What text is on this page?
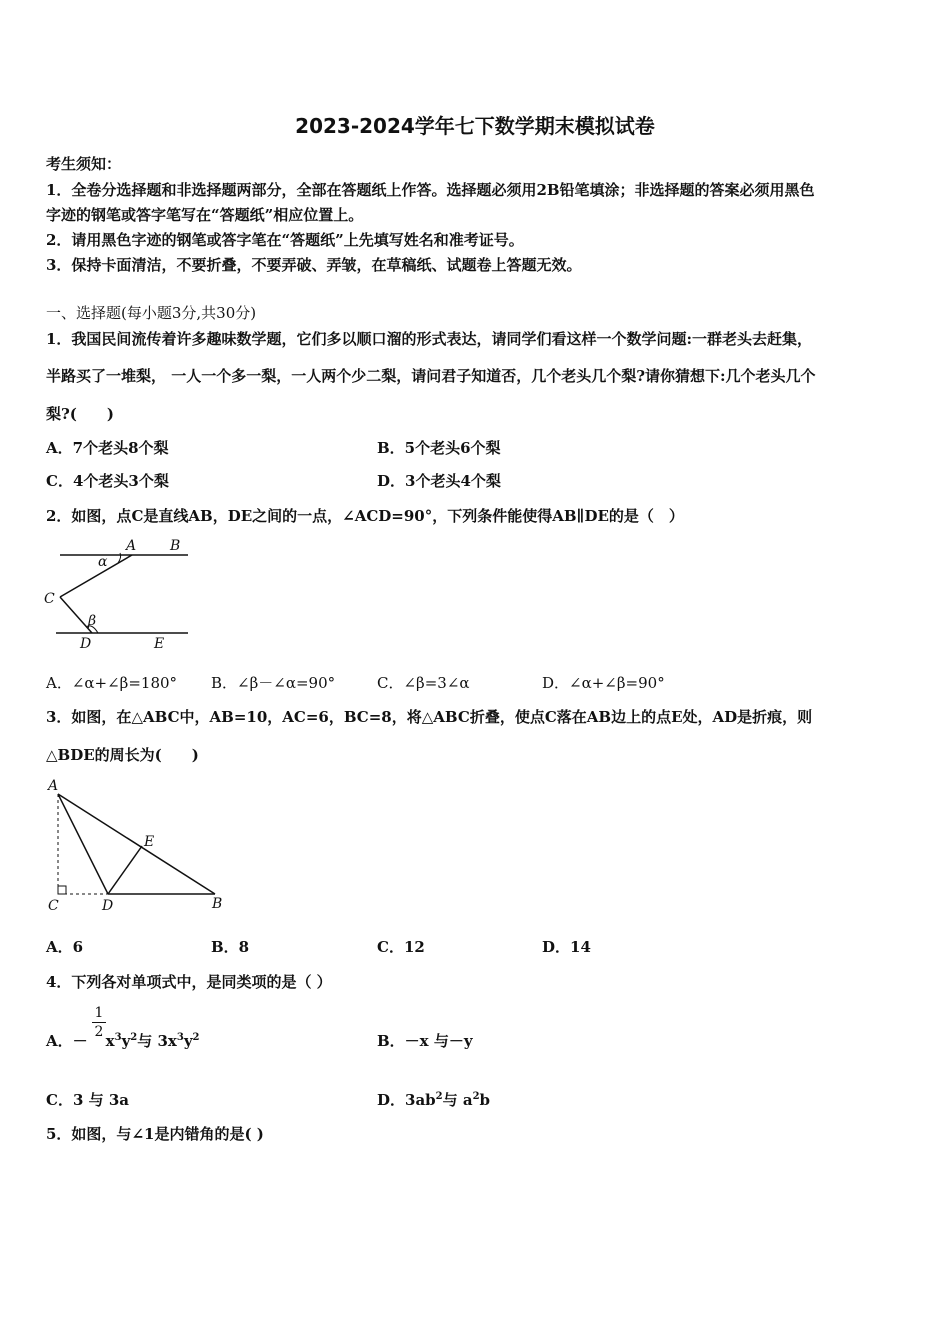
2023-2024学年七下数学期末模拟试卷
考生须知：
1．全卷分选择题和非选择题两部分，全部在答题纸上作答。选择题必须用2B铅笔填涂；非选择题的答案必须用黑色
字迹的钢笔或答字笔写在“答题纸”相应位置上。
2．请用黑色字迹的钢笔或答字笔在“答题纸”上先填写姓名和准考证号。
3．保持卡面清洁，不要折叠，不要弄破、弄皱，在草稿纸、试题卷上答题无效。
一、选择题(每小题3分,共30分)
1．我国民间流传着许多趣味数学题，它们多以顺口溜的形式表达，请同学们看这样一个数学问题:一群老头去赶集，
半路买了一堆梨， 一人一个多一梨，一人两个少二梨，请问君子知道否，几个老头几个梨?请你猜想下:几个老头几个
梨?(　　)
A．7个老头8个梨	B．5个老头6个梨
C．4个老头3个梨	D．3个老头4个梨
2．如图，点C是直线AB，DE之间的一点，∠ACD=90°，下列条件能使得AB∥DE的是（　）
A B
α
C
β
D	E
A．∠α+∠β=180° B．∠β－∠α=90°	C．∠β=3∠α	D．∠α+∠β=90°
3．如图，在△ABC中，AB=10，AC=6，BC=8，将△ABC折叠，使点C落在AB边上的点E处，AD是折痕，则
△BDE的周长为(　　)
A
E
C	D	B
A．6	B．8	C．12	D．14
4．下列各对单项式中，是同类项的是（ ）
1
2
A．－ $x^3y^2$与 $3x^3y^2$	B．－x 与－y
C．3 与 3a	D．$3ab^2$与 $a^2b$
5．如图，与∠1是内错角的是( )
